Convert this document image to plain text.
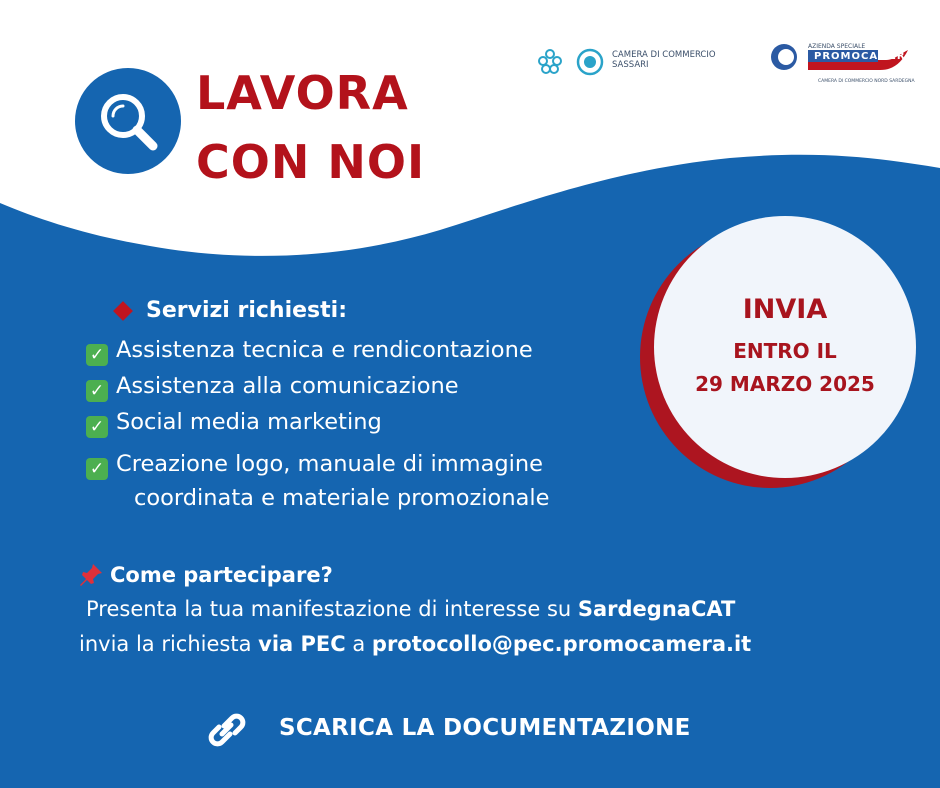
LAVORA
CON NOI
CAMERA DI COMMERCIO
SASSARI
AZIENDA SPECIALE
PROMOCAMERA
CAMERA DI COMMERCIO NORD SARDEGNA
INVIA
ENTRO IL
29 MARZO 2025
Servizi richiesti:
✓ Assistenza tecnica e rendicontazione
✓ Assistenza alla comunicazione
✓ Social media marketing
✓ Creazione logo, manuale di immagine
coordinata e materiale promozionale
Come partecipare?
Presenta la tua manifestazione di interesse su SardegnaCAT
invia la richiesta via PEC a protocollo@pec.promocamera.it
SCARICA LA DOCUMENTAZIONE
